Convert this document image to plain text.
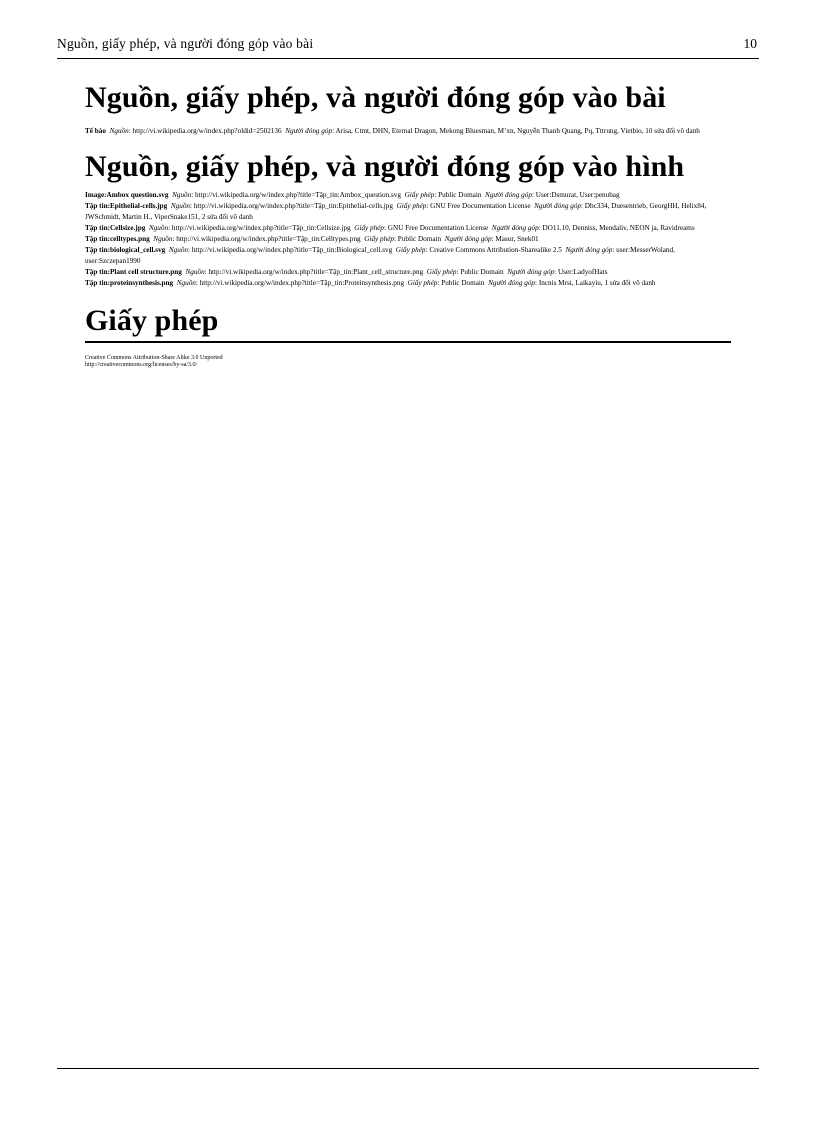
Nguồn, giấy phép, và người đóng góp vào bài	10
Nguồn, giấy phép, và người đóng góp vào bài

Tế bào Nguồn: http://vi.wikipedia.org/w/index.php?oldid=2502136 Người đóng góp: Arisa, Ctmt, DHN, Eternal Dragon, Mekong Bluesman, M’xn, Nguyễn Thanh Quang, Pq, Tttrung, Vietbio, 10 sửa đổi vô danh

Nguồn, giấy phép, và người đóng góp vào hình

Image:Ambox question.svg Nguồn: http://vi.wikipedia.org/w/index.php?title=Tập_tin:Ambox_question.svg Giấy phép: Public Domain Người đóng góp: User:Dsmurat, User:penubag

Tập tin:Epithelial-cells.jpg Nguồn: http://vi.wikipedia.org/w/index.php?title=Tập_tin:Epithelial-cells.jpg Giấy phép: GNU Free Documentation License Người đóng góp: Dbc334, Duesentrieb, GeorgHH, Helix84, JWSchmidt, Martin H., ViperSnake151, 2 sửa đổi vô danh

Tập tin:Cellsize.jpg Nguồn: http://vi.wikipedia.org/w/index.php?title=Tập_tin:Cellsize.jpg Giấy phép: GNU Free Documentation License Người đóng góp: DO11.10, Denniss, Mendaliv, NEON ja, Ravidreams

Tập tin:celltypes.png Nguồn: http://vi.wikipedia.org/w/index.php?title=Tập_tin:Celltypes.png Giấy phép: Public Domain Người đóng góp: Masur, Snek01

Tập tin:biological_cell.svg Nguồn: http://vi.wikipedia.org/w/index.php?title=Tập_tin:Biological_cell.svg Giấy phép: Creative Commons Attribution-Sharealike 2.5 Người đóng góp: user:MesserWoland, user:Szczepan1990

Tập tin:Plant cell structure.png Nguồn: http://vi.wikipedia.org/w/index.php?title=Tập_tin:Plant_cell_structure.png Giấy phép: Public Domain Người đóng góp: User:LadyofHats

Tập tin:proteinsynthesis.png Nguồn: http://vi.wikipedia.org/w/index.php?title=Tập_tin:Proteinsynthesis.png Giấy phép: Public Domain Người đóng góp: Incnis Mrsi, Laikayiu, 1 sửa đổi vô danh

Giấy phép
Creative Commons Attribution-Share Alike 3.0 Unported
http://creativecommons.org/licenses/by-sa/3.0/
